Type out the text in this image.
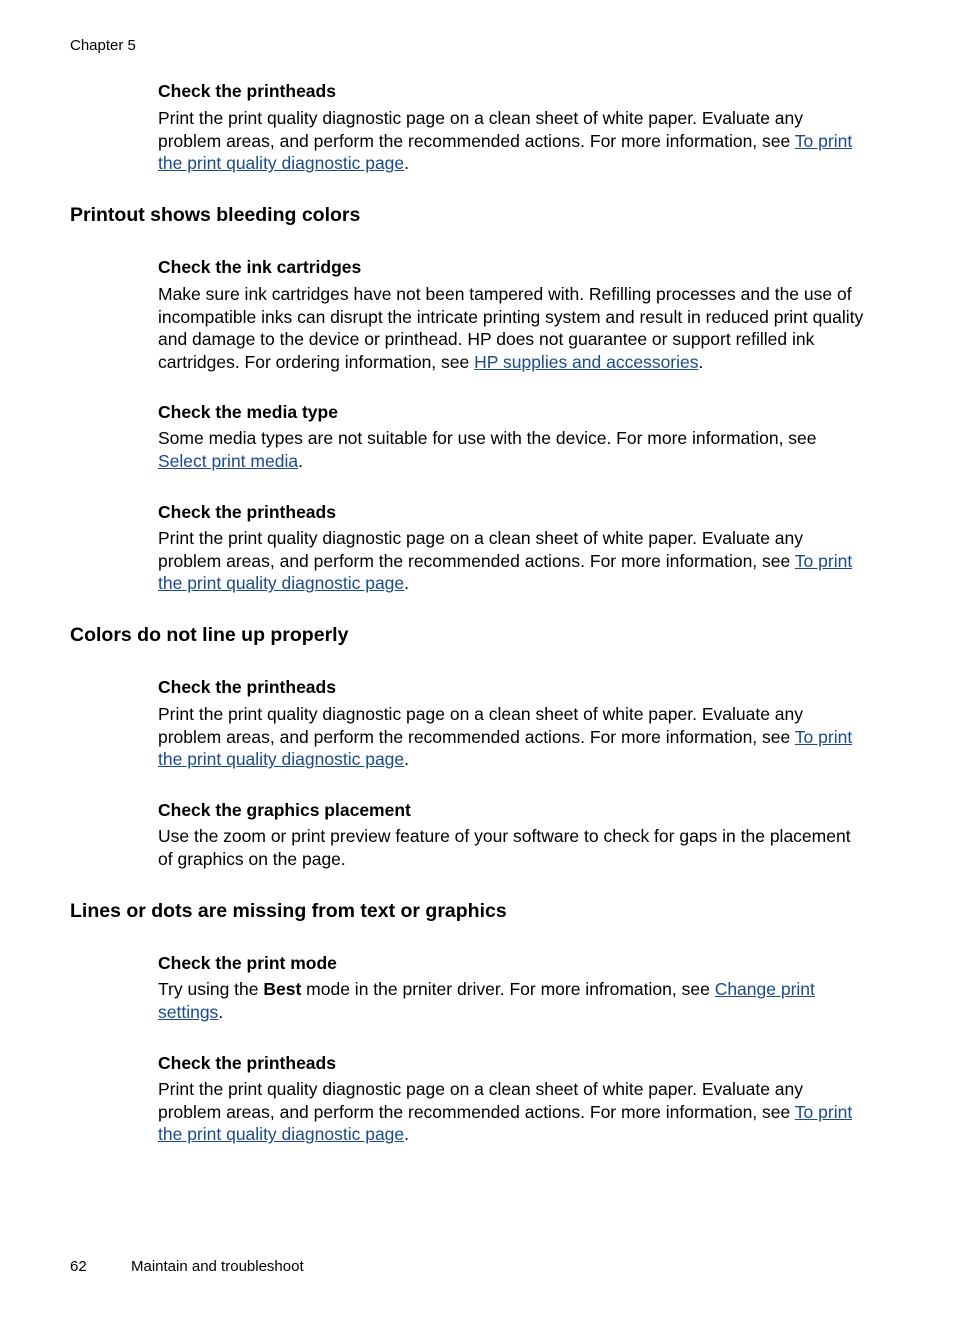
Chapter 5
Check the printheads
Print the print quality diagnostic page on a clean sheet of white paper. Evaluate any problem areas, and perform the recommended actions. For more information, see To print the print quality diagnostic page.
Printout shows bleeding colors
Check the ink cartridges
Make sure ink cartridges have not been tampered with. Refilling processes and the use of incompatible inks can disrupt the intricate printing system and result in reduced print quality and damage to the device or printhead. HP does not guarantee or support refilled ink cartridges. For ordering information, see HP supplies and accessories.
Check the media type
Some media types are not suitable for use with the device. For more information, see Select print media.
Check the printheads
Print the print quality diagnostic page on a clean sheet of white paper. Evaluate any problem areas, and perform the recommended actions. For more information, see To print the print quality diagnostic page.
Colors do not line up properly
Check the printheads
Print the print quality diagnostic page on a clean sheet of white paper. Evaluate any problem areas, and perform the recommended actions. For more information, see To print the print quality diagnostic page.
Check the graphics placement
Use the zoom or print preview feature of your software to check for gaps in the placement of graphics on the page.
Lines or dots are missing from text or graphics
Check the print mode
Try using the Best mode in the prniter driver. For more infromation, see Change print settings.
Check the printheads
Print the print quality diagnostic page on a clean sheet of white paper. Evaluate any problem areas, and perform the recommended actions. For more information, see To print the print quality diagnostic page.
62	Maintain and troubleshoot
